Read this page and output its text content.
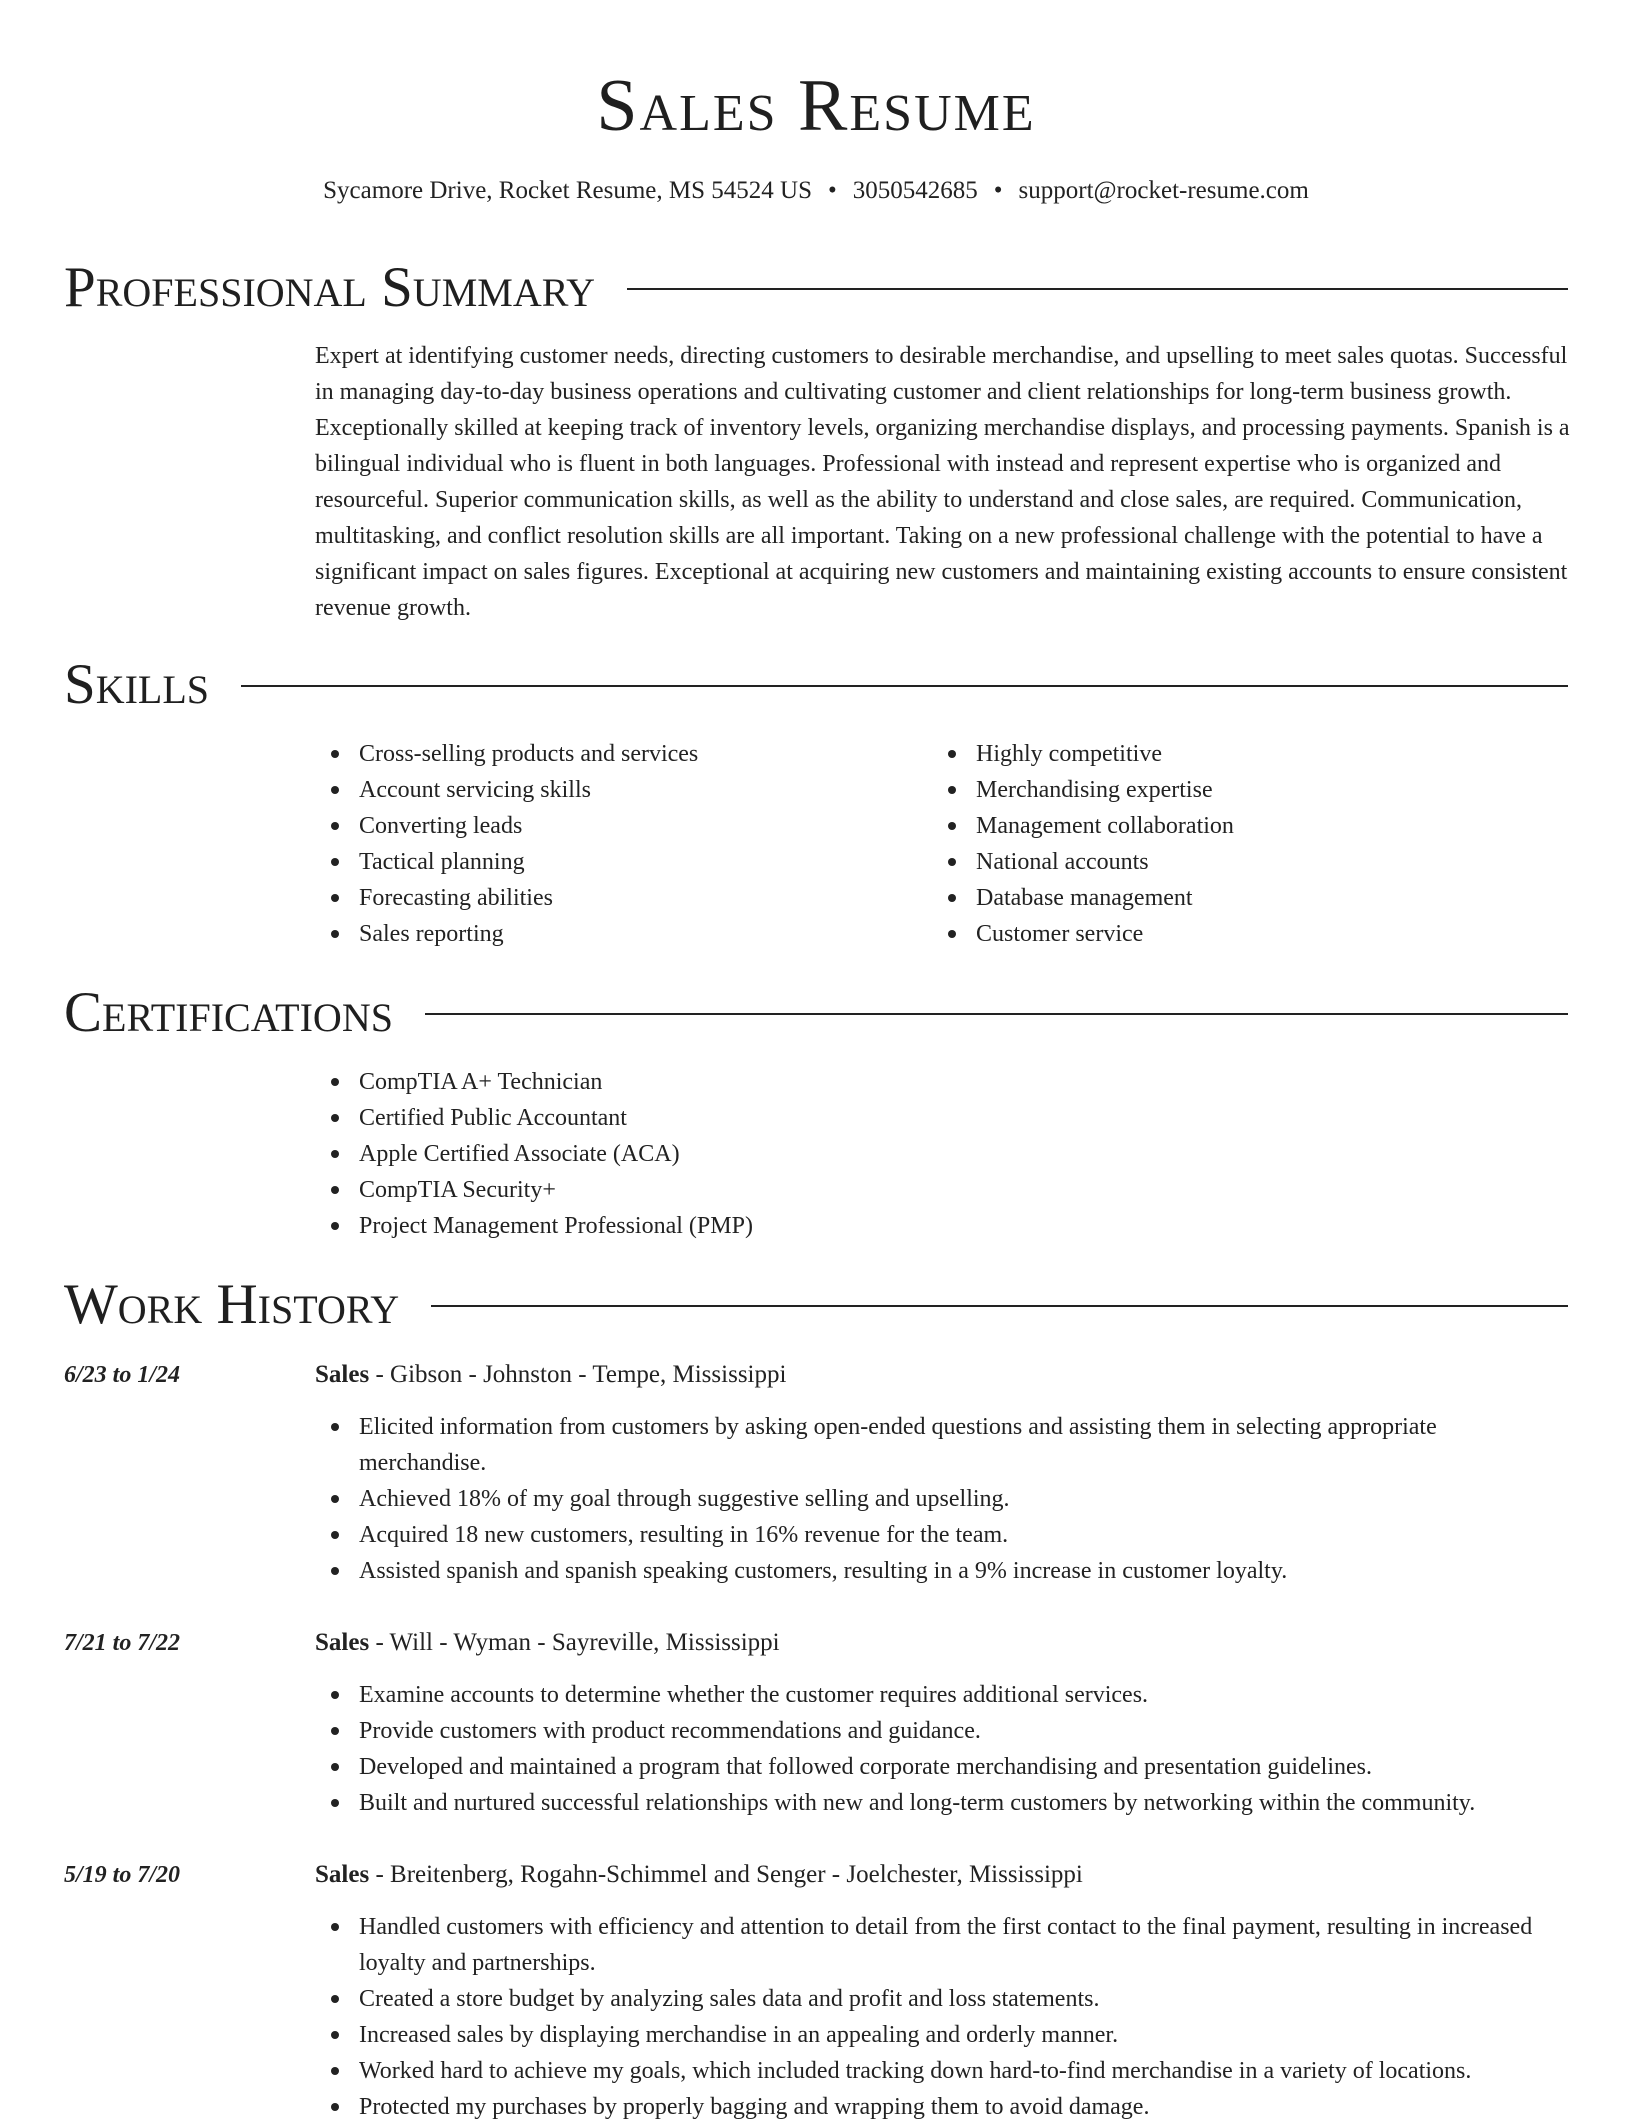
Sales Resume
Sycamore Drive, Rocket Resume, MS 54524 US • 3050542685 • support@rocket-resume.com
Professional Summary

Expert at identifying customer needs, directing customers to desirable merchandise, and upselling to meet sales quotas. Successful in managing day-to-day business operations and cultivating customer and client relationships for long-term business growth. Exceptionally skilled at keeping track of inventory levels, organizing merchandise displays, and processing payments. Spanish is a bilingual individual who is fluent in both languages. Professional with instead and represent expertise who is organized and resourceful. Superior communication skills, as well as the ability to understand and close sales, are required. Communication, multitasking, and conflict resolution skills are all important. Taking on a new professional challenge with the potential to have a significant impact on sales figures. Exceptional at acquiring new customers and maintaining existing accounts to ensure consistent revenue growth.

Skills
Cross-selling products and services
Account servicing skills
Converting leads
Tactical planning
Forecasting abilities
Sales reporting
Highly competitive
Merchandising expertise
Management collaboration
National accounts
Database management
Customer service
Certifications
CompTIA A+ Technician
Certified Public Accountant
Apple Certified Associate (ACA)
CompTIA Security+
Project Management Professional (PMP)
Work History
6/23 to 1/24	Sales - Gibson - Johnston - Tempe, Mississippi
Elicited information from customers by asking open-ended questions and assisting them in selecting appropriate merchandise.
Achieved 18% of my goal through suggestive selling and upselling.
Acquired 18 new customers, resulting in 16% revenue for the team.
Assisted spanish and spanish speaking customers, resulting in a 9% increase in customer loyalty.
7/21 to 7/22	Sales - Will - Wyman - Sayreville, Mississippi
Examine accounts to determine whether the customer requires additional services.
Provide customers with product recommendations and guidance.
Developed and maintained a program that followed corporate merchandising and presentation guidelines.
Built and nurtured successful relationships with new and long-term customers by networking within the community.
5/19 to 7/20	Sales - Breitenberg, Rogahn-Schimmel and Senger - Joelchester, Mississippi
Handled customers with efficiency and attention to detail from the first contact to the final payment, resulting in increased loyalty and partnerships.
Created a store budget by analyzing sales data and profit and loss statements.
Increased sales by displaying merchandise in an appealing and orderly manner.
Worked hard to achieve my goals, which included tracking down hard-to-find merchandise in a variety of locations.
Protected my purchases by properly bagging and wrapping them to avoid damage.
